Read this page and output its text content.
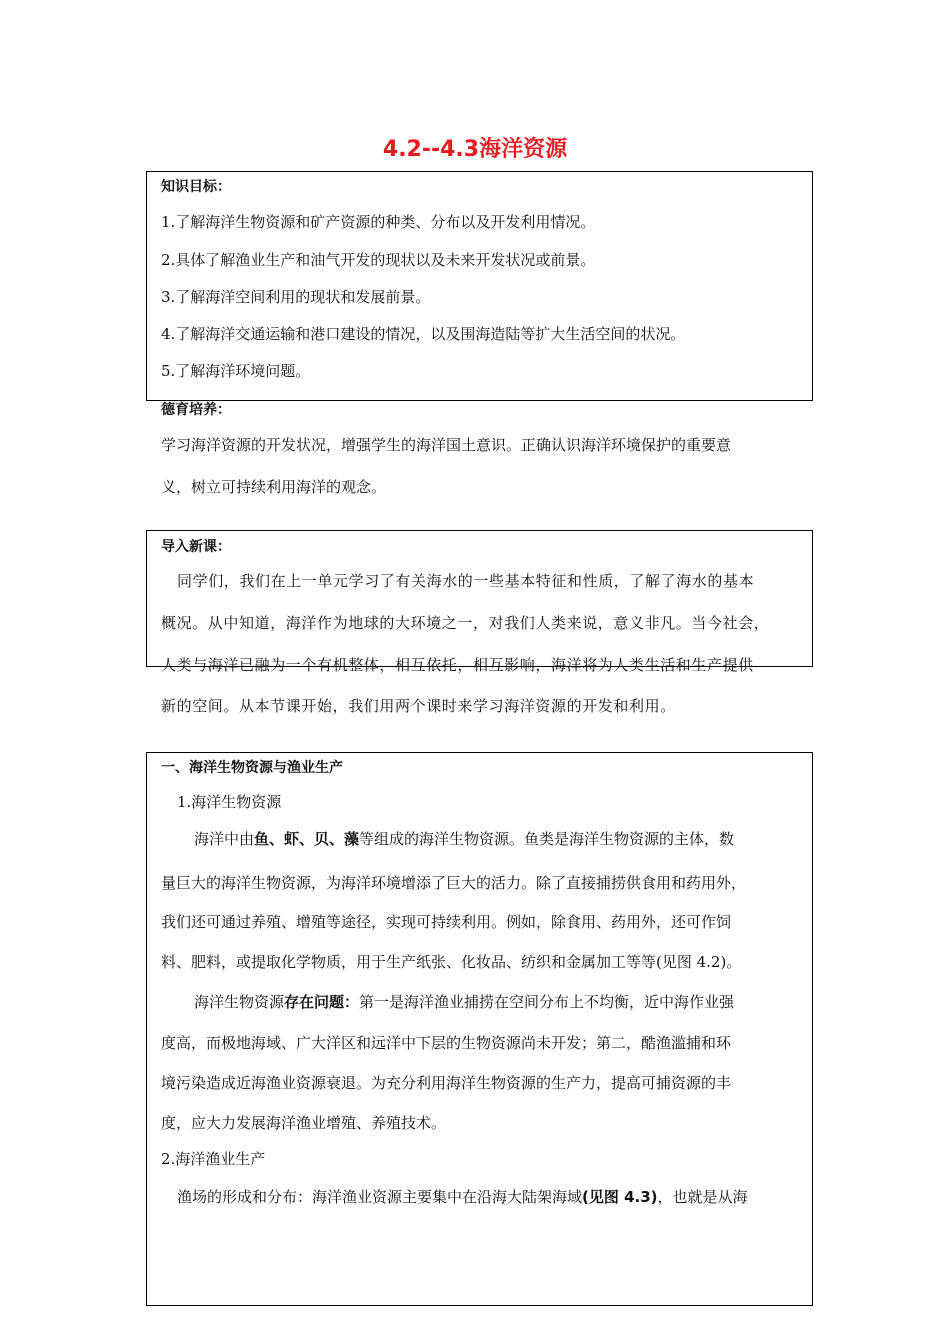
4.2--4.3海洋资源
知识目标：
1.了解海洋生物资源和矿产资源的种类、分布以及开发利用情况。
2.具体了解渔业生产和油气开发的现状以及未来开发状况或前景。
3.了解海洋空间利用的现状和发展前景。
4.了解海洋交通运输和港口建设的情况，以及围海造陆等扩大生活空间的状况。
5.了解海洋环境问题。
德育培养：
学习海洋资源的开发状况，增强学生的海洋国土意识。正确认识海洋环境保护的重要意
义，树立可持续利用海洋的观念。
导入新课：
同学们，我们在上一单元学习了有关海水的一些基本特征和性质，了解了海水的基本
概况。从中知道，海洋作为地球的大环境之一，对我们人类来说，意义非凡。当今社会，
人类与海洋已融为一个有机整体，相互依托，相互影响，海洋将为人类生活和生产提供
新的空间。从本节课开始，我们用两个课时来学习海洋资源的开发和利用。
一、海洋生物资源与渔业生产
1.海洋生物资源
海洋中由鱼、虾、贝、藻等组成的海洋生物资源。鱼类是海洋生物资源的主体，数
量巨大的海洋生物资源，为海洋环境增添了巨大的活力。除了直接捕捞供食用和药用外，
我们还可通过养殖、增殖等途径，实现可持续利用。例如，除食用、药用外，还可作饲
料、肥料，或提取化学物质，用于生产纸张、化妆品、纺织和金属加工等等(见图 4.2)。
海洋生物资源存在问题：第一是海洋渔业捕捞在空间分布上不均衡，近中海作业强
度高，而极地海域、广大洋区和远洋中下层的生物资源尚未开发；第二，酷渔滥捕和环
境污染造成近海渔业资源衰退。为充分利用海洋生物资源的生产力，提高可捕资源的丰
度，应大力发展海洋渔业增殖、养殖技术。
2.海洋渔业生产
渔场的形成和分布：海洋渔业资源主要集中在沿海大陆架海域(见图 4.3)，也就是从海
